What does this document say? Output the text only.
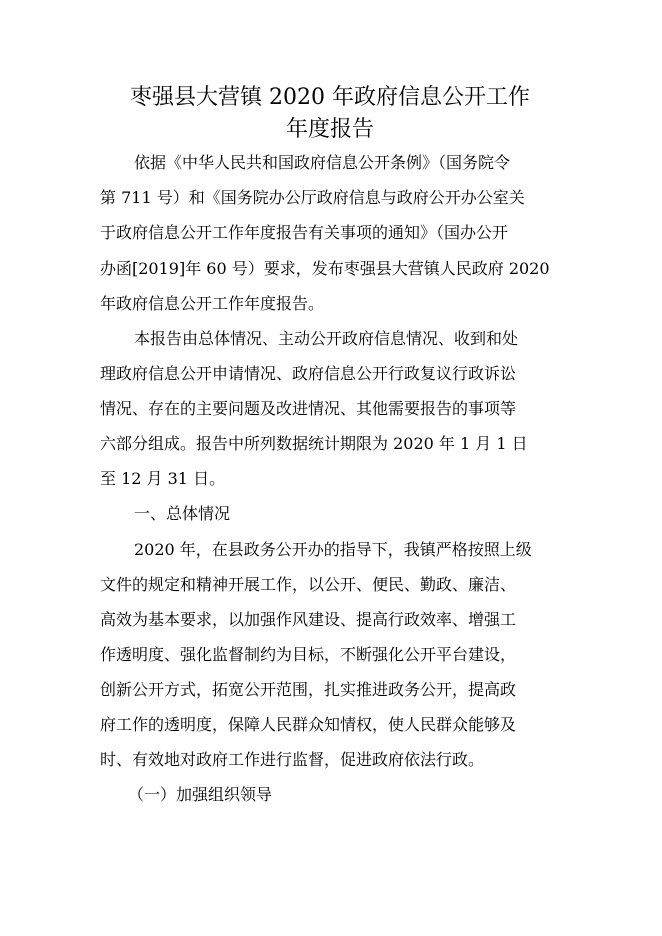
枣强县大营镇 2020 年政府信息公开工作
年度报告
依据《中华人民共和国政府信息公开条例》（国务院令
第 711 号）和《国务院办公厅政府信息与政府公开办公室关
于政府信息公开工作年度报告有关事项的通知》（国办公开
办函[2019]年 60 号）要求，发布枣强县大营镇人民政府 2020
年政府信息公开工作年度报告。
本报告由总体情况、主动公开政府信息情况、收到和处
理政府信息公开申请情况、政府信息公开行政复议行政诉讼
情况、存在的主要问题及改进情况、其他需要报告的事项等
六部分组成。报告中所列数据统计期限为 2020 年 1 月 1 日
至 12 月 31 日。
一、总体情况
2020 年，在县政务公开办的指导下，我镇严格按照上级
文件的规定和精神开展工作，以公开、便民、勤政、廉洁、
高效为基本要求，以加强作风建设、提高行政效率、增强工
作透明度、强化监督制约为目标，不断强化公开平台建设，
创新公开方式，拓宽公开范围，扎实推进政务公开，提高政
府工作的透明度，保障人民群众知情权，使人民群众能够及
时、有效地对政府工作进行监督，促进政府依法行政。
（一）加强组织领导
